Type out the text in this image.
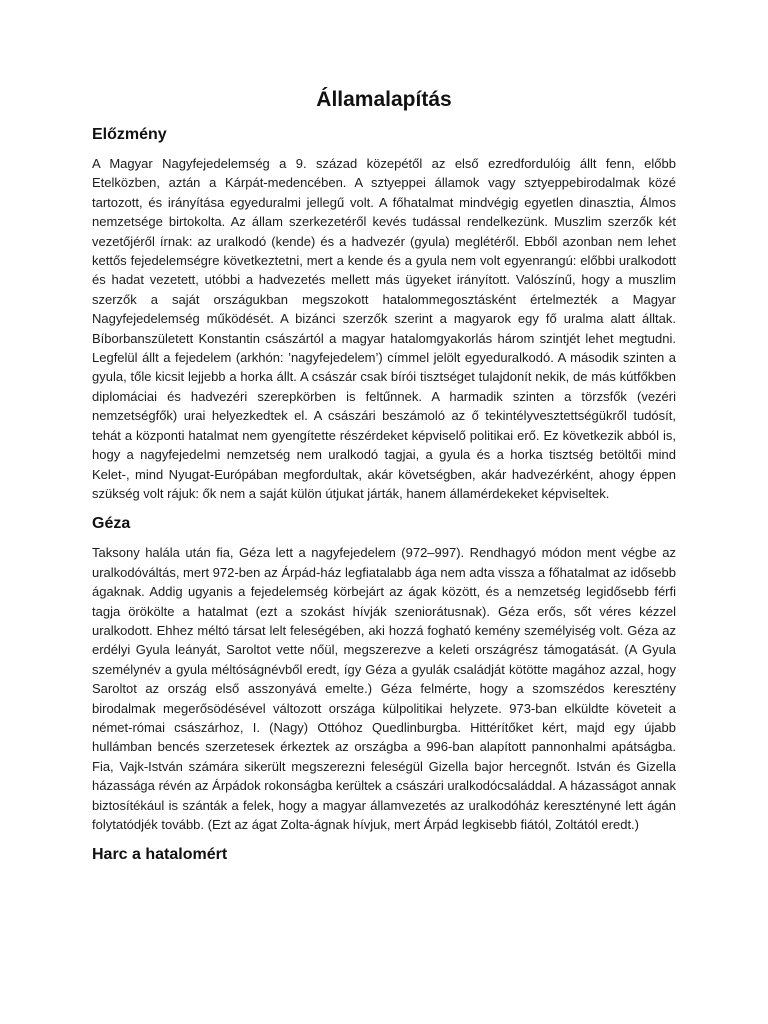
Államalapítás
Előzmény

A Magyar Nagyfejedelemség a 9. század közepétől az első ezredfordulóig állt fenn, előbb Etelközben, aztán a Kárpát-medencében. A sztyeppei államok vagy sztyeppebirodalmak közé tartozott, és irányítása egyeduralmi jellegű volt. A főhatalmat mindvégig egyetlen dinasztia, Álmos nemzetsége birtokolta. Az állam szerkezetéről kevés tudással rendelkezünk. Muszlim szerzők két vezetőjéről írnak: az uralkodó (kende) és a hadvezér (gyula) meglétéről. Ebből azonban nem lehet kettős fejedelemségre következtetni, mert a kende és a gyula nem volt egyenrangú: előbbi uralkodott és hadat vezetett, utóbbi a hadvezetés mellett más ügyeket irányított. Valószínű, hogy a muszlim szerzők a saját országukban megszokott hatalommegosztásként értelmezték a Magyar Nagyfejedelemség működését. A bizánci szerzők szerint a magyarok egy fő uralma alatt álltak. Bíborbanszületett Konstantin császártól a magyar hatalomgyakorlás három szintjét lehet megtudni. Legfelül állt a fejedelem (arkhón: ’nagyfejedelem’) címmel jelölt egyeduralkodó. A második szinten a gyula, tőle kicsit lejjebb a horka állt. A császár csak bírói tisztséget tulajdonít nekik, de más kútfőkben diplomáciai és hadvezéri szerepkörben is feltűnnek. A harmadik szinten a törzsfők (vezéri nemzetségfők) urai helyezkedtek el. A császári beszámoló az ő tekintélyvesztettségükről tudósít, tehát a központi hatalmat nem gyengítette részérdeket képviselő politikai erő. Ez következik abból is, hogy a nagyfejedelmi nemzetség nem uralkodó tagjai, a gyula és a horka tisztség betöltői mind Kelet-, mind Nyugat-Európában megfordultak, akár követségben, akár hadvezérként, ahogy éppen szükség volt rájuk: ők nem a saját külön útjukat járták, hanem államérdekeket képviseltek.

Géza

Taksony halála után fia, Géza lett a nagyfejedelem (972–997). Rendhagyó módon ment végbe az uralkodóváltás, mert 972-ben az Árpád-ház legfiatalabb ága nem adta vissza a főhatalmat az idősebb ágaknak. Addig ugyanis a fejedelemség körbejárt az ágak között, és a nemzetség legidősebb férfi tagja örökölte a hatalmat (ezt a szokást hívják szeniorátusnak). Géza erős, sőt véres kézzel uralkodott. Ehhez méltó társat lelt feleségében, aki hozzá fogható kemény személyiség volt. Géza az erdélyi Gyula leányát, Saroltot vette nőül, megszerezve a keleti országrész támogatását. (A Gyula személynév a gyula méltóságnévből eredt, így Géza a gyulák családját kötötte magához azzal, hogy Saroltot az ország első asszonyává emelte.) Géza felmérte, hogy a szomszédos keresztény birodalmak megerősödésével változott országa külpolitikai helyzete. 973-ban elküldte követeit a német-római császárhoz, I. (Nagy) Ottóhoz Quedlinburgba. Hittérítőket kért, majd egy újabb hullámban bencés szerzetesek érkeztek az országba a 996-ban alapított pannonhalmi apátságba. Fia, Vajk-István számára sikerült megszerezni feleségül Gizella bajor hercegnőt. István és Gizella házassága révén az Árpádok rokonságba kerültek a császári uralkodócsaláddal. A házasságot annak biztosítékául is szánták a felek, hogy a magyar államvezetés az uralkodóház keresztényné lett ágán folytatódjék tovább. (Ezt az ágat Zolta-ágnak hívjuk, mert Árpád legkisebb fiától, Zoltától eredt.)

Harc a hatalomért
